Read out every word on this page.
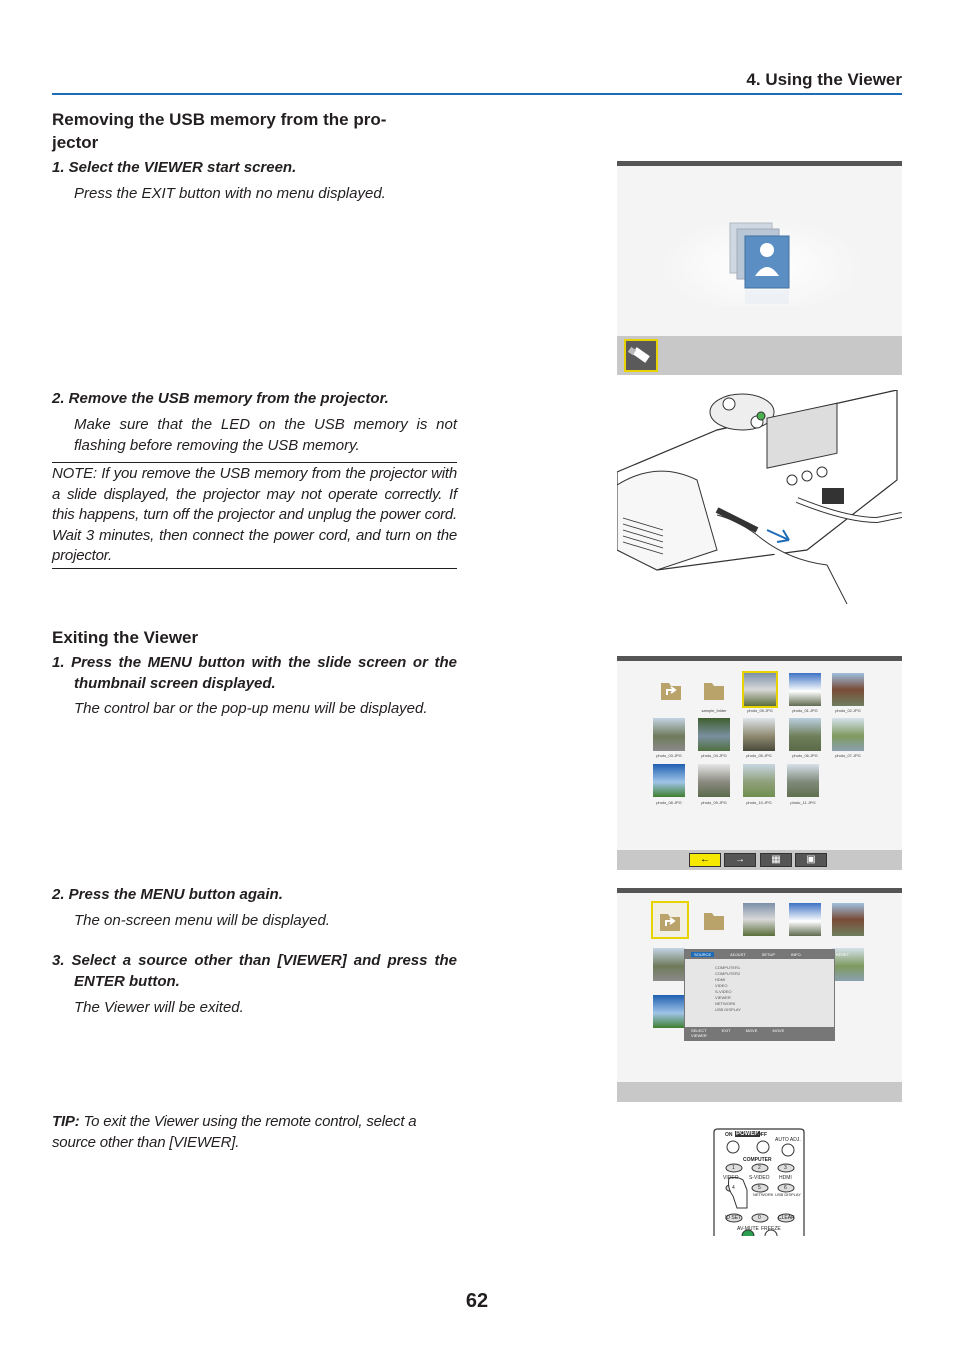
4. Using the Viewer
Removing the USB memory from the pro-
jector
1. Select the VIEWER start screen.
Press the EXIT button with no menu displayed.
2. Remove the USB memory from the projector.
Make sure that the LED on the USB memory is not flashing before removing the USB memory.
NOTE: If you remove the USB memory from the projector with a slide displayed, the projector may not operate correctly. If this happens, turn off the projector and unplug the power cord. Wait 3 minutes, then connect the power cord, and turn on the projector.
Exiting the Viewer
1. Press the MENU button with the slide screen or the thumbnail screen displayed.
The control bar or the pop-up menu will be displayed.
2. Press the MENU button again.
The on-screen menu will be displayed.
3. Select a source other than [VIEWER] and press the ENTER button.
The Viewer will be exited.
TIP: To exit the Viewer using the remote control, select a source other than [VIEWER].
sample_folder	photo_05.JPG	photo_01.JPG	photo_02.JPG
photo_03.JPG	photo_04.JPG	photo_05.JPG	photo_06.JPG	photo_07.JPG
photo_08.JPG	photo_09.JPG	photo_10.JPG	photo_11.JPG
←	→	▦	▣
SOURCE	ADJUST	SETUP	INFO.	RESET
COMPUTER1
COMPUTER2
HDMI
VIDEO
S-VIDEO
VIEWER
NETWORK
USB DISPLAY
SELECT	EXIT	MOVE	MOVE
VIEWER
ON POWER
OFF
AUTO ADJ.
COMPUTER
1	2	3
VIDEO S-VIDEO HDMI
4	5	6
NETWORK USB DISPLAY
ID SET	0	CLEAR
AV-MUTE FREEZE
62
